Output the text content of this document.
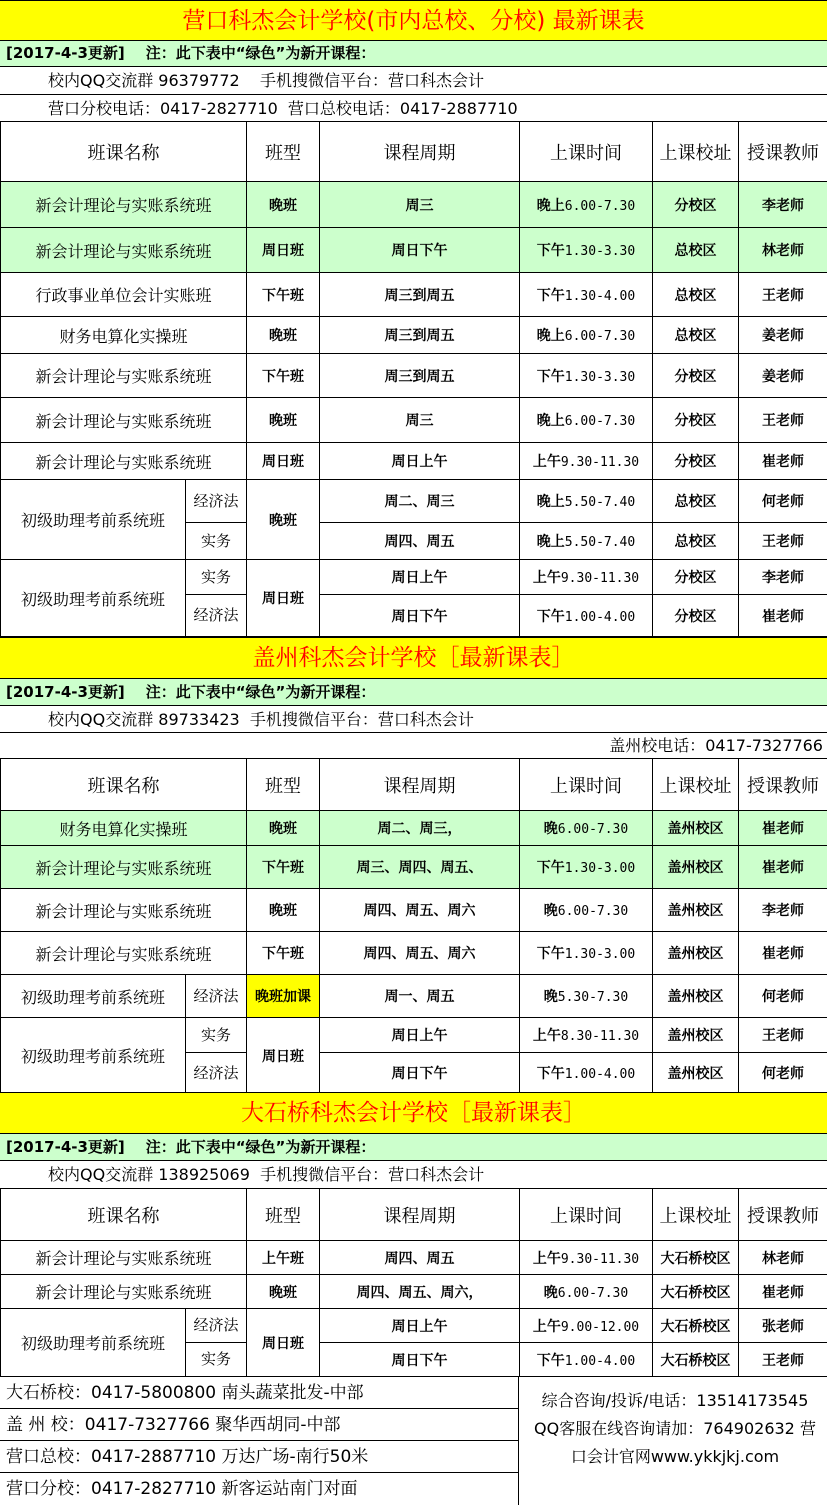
营口科杰会计学校(市内总校、分校) 最新课表
[2017-4-3更新] 注：此下表中“绿色”为新开课程：
校内QQ交流群 96379772    手机搜微信平台：营口科杰会计
营口分校电话：0417-2827710  营口总校电话：0417-2887710
班课名称		班型	课程周期	上课时间	上课校址	授课教师
新会计理论与实账系统班		晚班	周三	晚上6.00-7.30	分校区	李老师
新会计理论与实账系统班		周日班	周日下午	下午1.30-3.30	总校区	林老师
行政事业单位会计实账班		下午班	周三到周五	下午1.30-4.00	总校区	王老师
财务电算化实操班		晚班	周三到周五	晚上6.00-7.30	总校区	姜老师
新会计理论与实账系统班		下午班	周三到周五	下午1.30-3.30	分校区	姜老师
新会计理论与实账系统班		晚班	周三	晚上6.00-7.30	分校区	王老师
新会计理论与实账系统班		周日班	周日上午	上午9.30-11.30	分校区	崔老师
初级助理考前系统班	经济法	晚班	周二、周三	晚上5.50-7.40	总校区	何老师
	实务		周四、周五	晚上5.50-7.40	总校区	王老师
初级助理考前系统班	实务	周日班	周日上午	上午9.30-11.30	分校区	李老师
	经济法		周日下午	下午1.00-4.00	分校区	崔老师
盖州科杰会计学校［最新课表］
[2017-4-3更新] 注：此下表中“绿色”为新开课程：
校内QQ交流群 89733423  手机搜微信平台：营口科杰会计
盖州校电话：0417-7327766
班课名称		班型	课程周期	上课时间	上课校址	授课教师
财务电算化实操班		晚班	周二、周三，	晚6.00-7.30	盖州校区	崔老师
新会计理论与实账系统班		下午班	周三、周四、周五、	下午1.30-3.00	盖州校区	崔老师
新会计理论与实账系统班		晚班	周四、周五、周六	晚6.00-7.30	盖州校区	李老师
新会计理论与实账系统班		下午班	周四、周五、周六	下午1.30-3.00	盖州校区	崔老师
初级助理考前系统班	经济法	晚班加课	周一、周五	晚5.30-7.30	盖州校区	何老师
初级助理考前系统班	实务	周日班	周日上午	上午8.30-11.30	盖州校区	王老师
	经济法		周日下午	下午1.00-4.00	盖州校区	何老师
大石桥科杰会计学校［最新课表］
[2017-4-3更新] 注：此下表中“绿色”为新开课程：
校内QQ交流群 138925069  手机搜微信平台：营口科杰会计
班课名称		班型	课程周期	上课时间	上课校址	授课教师
新会计理论与实账系统班		上午班	周四、周五	上午9.30-11.30	大石桥校区	林老师
新会计理论与实账系统班		晚班	周四、周五、周六，	晚6.00-7.30	大石桥校区	崔老师
初级助理考前系统班	经济法	周日班	周日上午	上午9.00-12.00	大石桥校区	张老师
	实务		周日下午	下午1.00-4.00	大石桥校区	王老师
大石桥校：0417-5800800 南头蔬菜批发-中部
盖 州 校：0417-7327766 聚华西胡同-中部
营口总校：0417-2887710 万达广场-南行50米
营口分校：0417-2827710 新客运站南门对面
综合咨询/投诉/电话：13514173545 QQ客服在线咨询请加：764902632 营口会计官网www.ykkjkj.com
